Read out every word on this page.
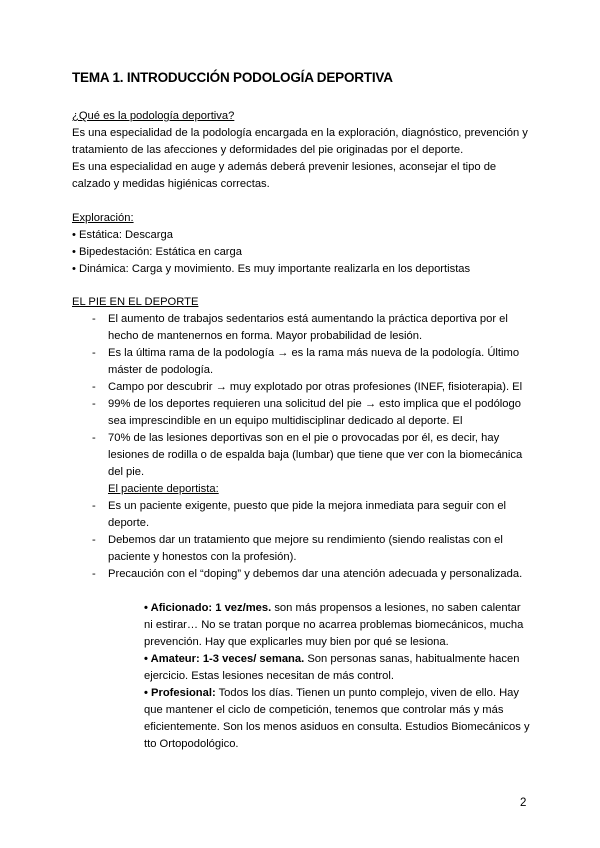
TEMA 1. INTRODUCCIÓN PODOLOGÍA DEPORTIVA
¿Qué es la podología deportiva?
Es una especialidad de la podología encargada en la exploración, diagnóstico, prevención y
tratamiento de las afecciones y deformidades del pie originadas por el deporte.
Es una especialidad en auge y además deberá prevenir lesiones, aconsejar el tipo de
calzado y medidas higiénicas correctas.
Exploración:
• Estática: Descarga
• Bipedestación: Estática en carga
• Dinámica: Carga y movimiento. Es muy importante realizarla en los deportistas
EL PIE EN EL DEPORTE
- El aumento de trabajos sedentarios está aumentando la práctica deportiva por el
hecho de mantenernos en forma. Mayor probabilidad de lesión.
- Es la última rama de la podología → es la rama más nueva de la podología. Último
máster de podología.
- Campo por descubrir → muy explotado por otras profesiones (INEF, fisioterapia). El
- 99% de los deportes requieren una solicitud del pie → esto implica que el podólogo
sea imprescindible en un equipo multidisciplinar dedicado al deporte. El
- 70% de las lesiones deportivas son en el pie o provocadas por él, es decir, hay
lesiones de rodilla o de espalda baja (lumbar) que tiene que ver con la biomecánica
del pie.
El paciente deportista:
- Es un paciente exigente, puesto que pide la mejora inmediata para seguir con el
deporte.
- Debemos dar un tratamiento que mejore su rendimiento (siendo realistas con el
paciente y honestos con la profesión).
- Precaución con el “doping” y debemos dar una atención adecuada y personalizada.
• Aficionado: 1 vez/mes. son más propensos a lesiones, no saben calentar
ni estirar… No se tratan porque no acarrea problemas biomecánicos, mucha
prevención. Hay que explicarles muy bien por qué se lesiona.
• Amateur: 1-3 veces/ semana. Son personas sanas, habitualmente hacen
ejercicio. Estas lesiones necesitan de más control.
• Profesional: Todos los días. Tienen un punto complejo, viven de ello. Hay
que mantener el ciclo de competición, tenemos que controlar más y más
eficientemente. Son los menos asiduos en consulta. Estudios Biomecánicos y
tto Ortopodológico.
2
